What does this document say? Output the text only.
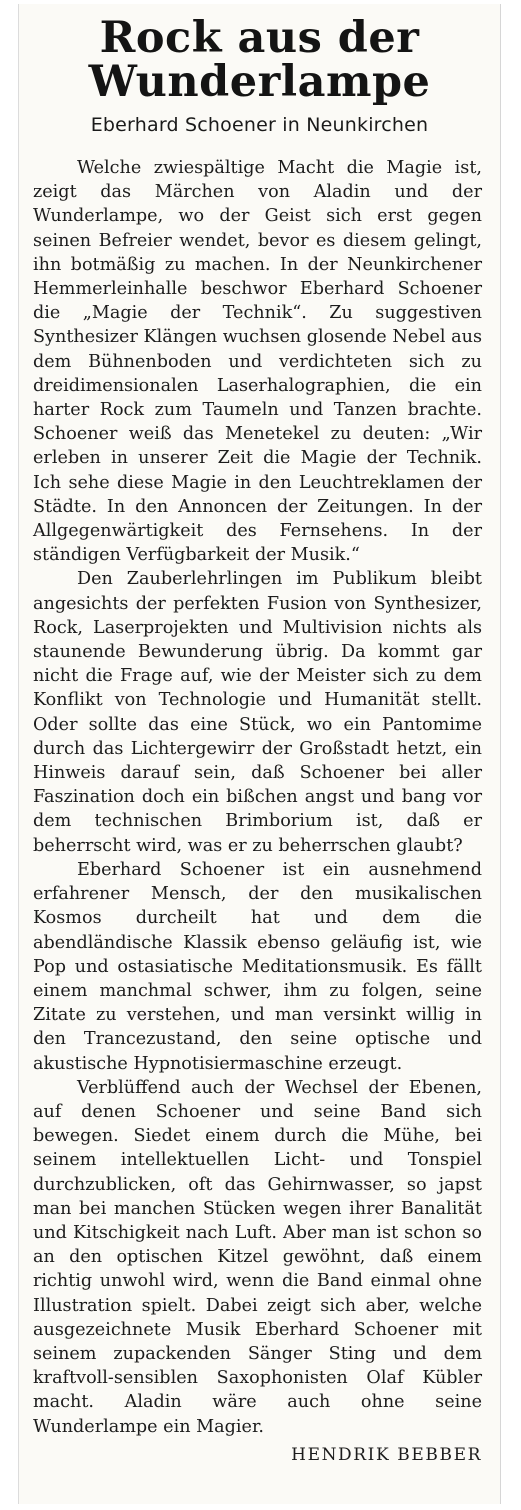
Rock aus der
Wunderlampe
Eberhard Schoener in Neunkirchen

Welche zwiespältige Macht die Magie ist, zeigt das Märchen von Aladin und der Wunderlampe, wo der Geist sich erst gegen seinen Befreier wendet, bevor es diesem gelingt, ihn botmäßig zu machen. In der Neunkirchener Hemmerleinhalle beschwor Eberhard Schoener die „Magie der Technik“. Zu suggestiven Synthesizer Klängen wuchsen glosende Nebel aus dem Bühnenboden und verdichteten sich zu dreidimensionalen Laserhalographien, die ein harter Rock zum Taumeln und Tanzen brachte. Schoener weiß das Menetekel zu deuten: „Wir erleben in unserer Zeit die Magie der Technik. Ich sehe diese Magie in den Leuchtreklamen der Städte. In den Annoncen der Zeitungen. In der Allgegenwärtigkeit des Fernsehens. In der ständigen Verfügbarkeit der Musik.“

Den Zauberlehrlingen im Publikum bleibt angesichts der perfekten Fusion von Synthesizer, Rock, Laserprojekten und Multivision nichts als staunende Bewunderung übrig. Da kommt gar nicht die Frage auf, wie der Meister sich zu dem Konflikt von Technologie und Humanität stellt. Oder sollte das eine Stück, wo ein Pantomime durch das Lichtergewirr der Großstadt hetzt, ein Hinweis darauf sein, daß Schoener bei aller Faszination doch ein bißchen angst und bang vor dem technischen Brimborium ist, daß er beherrscht wird, was er zu beherrschen glaubt?

Eberhard Schoener ist ein ausnehmend erfahrener Mensch, der den musikalischen Kosmos durcheilt hat und dem die abendländische Klassik ebenso geläufig ist, wie Pop und ostasiatische Meditationsmusik. Es fällt einem manchmal schwer, ihm zu folgen, seine Zitate zu verstehen, und man versinkt willig in den Trancezustand, den seine optische und akustische Hypnotisiermaschine erzeugt.

Verblüffend auch der Wechsel der Ebenen, auf denen Schoener und seine Band sich bewegen. Siedet einem durch die Mühe, bei seinem intellektuellen Licht- und Tonspiel durchzublicken, oft das Gehirnwasser, so japst man bei manchen Stücken wegen ihrer Banalität und Kitschigkeit nach Luft. Aber man ist schon so an den optischen Kitzel gewöhnt, daß einem richtig unwohl wird, wenn die Band einmal ohne Illustration spielt. Dabei zeigt sich aber, welche ausgezeichnete Musik Eberhard Schoener mit seinem zupackenden Sänger Sting und dem kraftvoll-sensiblen Saxophonisten Olaf Kübler macht. Aladin wäre auch ohne seine Wunderlampe ein Magier.

HENDRIK BEBBER
